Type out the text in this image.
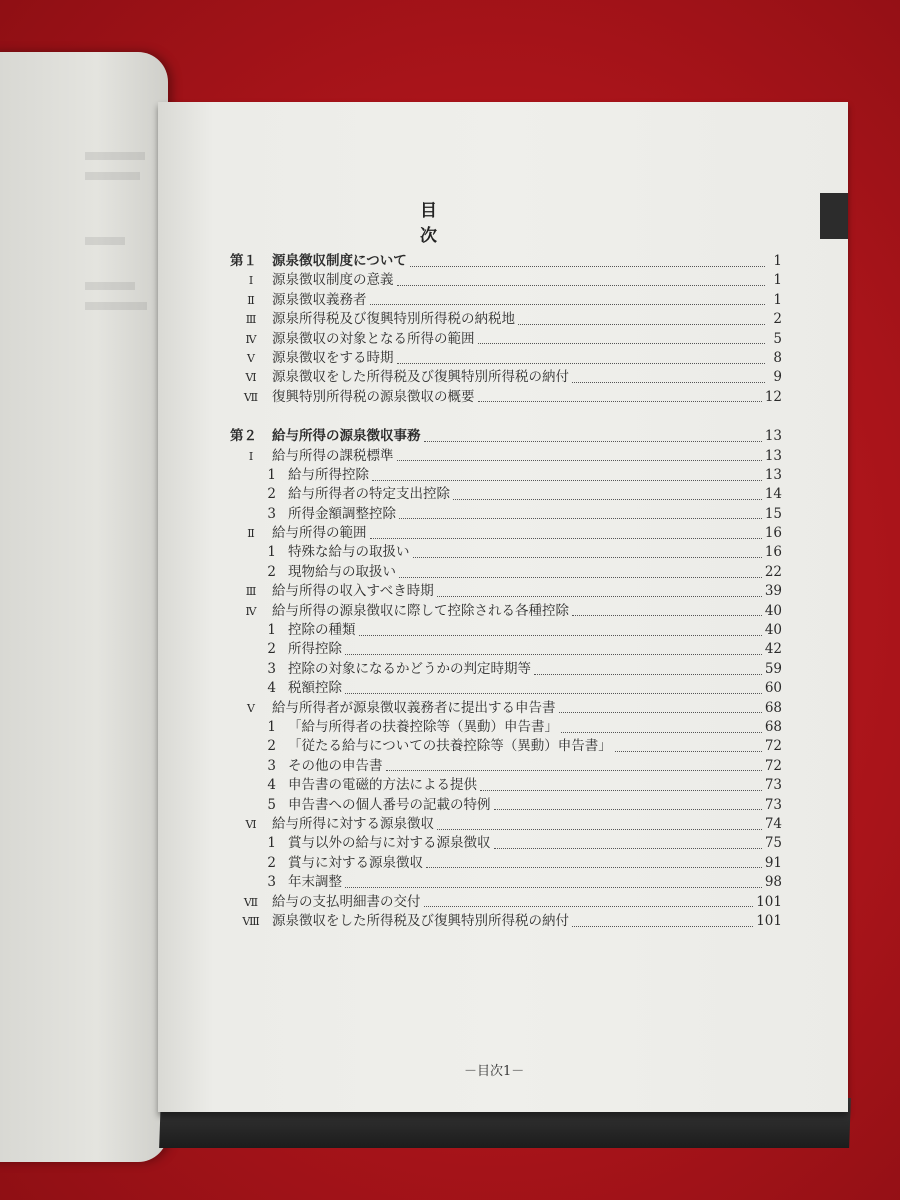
目　次
第１ 源泉徴収制度について	1
Ⅰ 源泉徴収制度の意義	1
Ⅱ 源泉徴収義務者	1
Ⅲ 源泉所得税及び復興特別所得税の納税地	2
Ⅳ 源泉徴収の対象となる所得の範囲	5
Ⅴ 源泉徴収をする時期	8
Ⅵ 源泉徴収をした所得税及び復興特別所得税の納付	9
Ⅶ 復興特別所得税の源泉徴収の概要	12
第２ 給与所得の源泉徴収事務	13
Ⅰ 給与所得の課税標準	13
1 給与所得控除	13
2 給与所得者の特定支出控除	14
3 所得金額調整控除	15
Ⅱ 給与所得の範囲	16
1 特殊な給与の取扱い	16
2 現物給与の取扱い	22
Ⅲ 給与所得の収入すべき時期	39
Ⅳ 給与所得の源泉徴収に際して控除される各種控除	40
1 控除の種類	40
2 所得控除	42
3 控除の対象になるかどうかの判定時期等	59
4 税額控除	60
Ⅴ 給与所得者が源泉徴収義務者に提出する申告書	68
1 「給与所得者の扶養控除等（異動）申告書」	68
2 「従たる給与についての扶養控除等（異動）申告書」	72
3 その他の申告書	72
4 申告書の電磁的方法による提供	73
5 申告書への個人番号の記載の特例	73
Ⅵ 給与所得に対する源泉徴収	74
1 賞与以外の給与に対する源泉徴収	75
2 賞与に対する源泉徴収	91
3 年末調整	98
Ⅶ 給与の支払明細書の交付	101
Ⅷ 源泉徴収をした所得税及び復興特別所得税の納付	101
－目次1－
